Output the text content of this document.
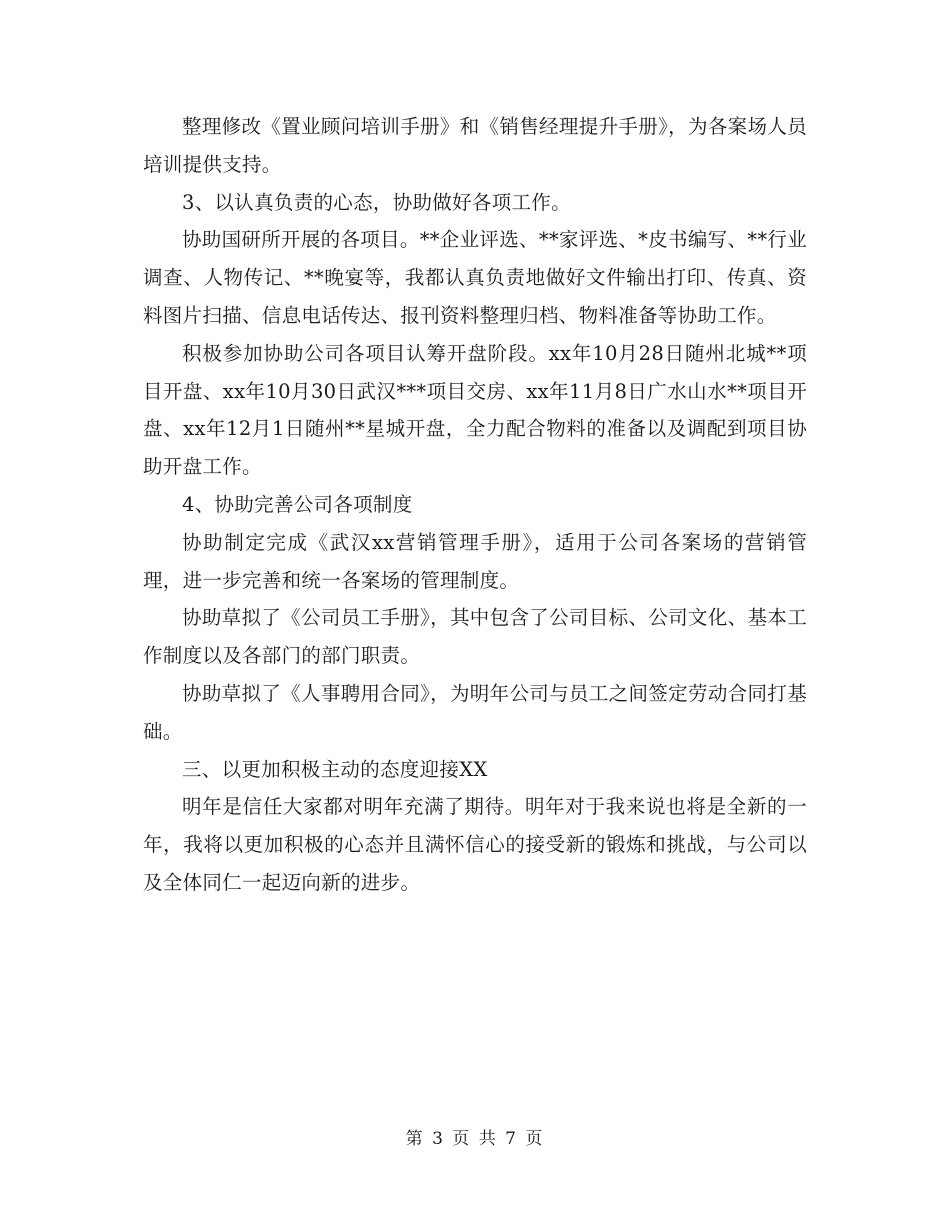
整理修改《置业顾问培训手册》和《销售经理提升手册》，为各案场人员培训提供支持。

3、以认真负责的心态，协助做好各项工作。

协助国研所开展的各项目。**企业评选、**家评选、*皮书编写、**行业调查、人物传记、**晚宴等，我都认真负责地做好文件输出打印、传真、资料图片扫描、信息电话传达、报刊资料整理归档、物料准备等协助工作。

积极参加协助公司各项目认筹开盘阶段。xx年10月28日随州北城**项目开盘、xx年10月30日武汉***项目交房、xx年11月8日广水山水**项目开盘、xx年12月1日随州**星城开盘，全力配合物料的准备以及调配到项目协助开盘工作。

4、协助完善公司各项制度

协助制定完成《武汉xx营销管理手册》，适用于公司各案场的营销管理，进一步完善和统一各案场的管理制度。

协助草拟了《公司员工手册》，其中包含了公司目标、公司文化、基本工作制度以及各部门的部门职责。

协助草拟了《人事聘用合同》，为明年公司与员工之间签定劳动合同打基础。

三、以更加积极主动的态度迎接XX

明年是信任大家都对明年充满了期待。明年对于我来说也将是全新的一年，我将以更加积极的心态并且满怀信心的接受新的锻炼和挑战，与公司以及全体同仁一起迈向新的进步。

第 3 页 共 7 页
